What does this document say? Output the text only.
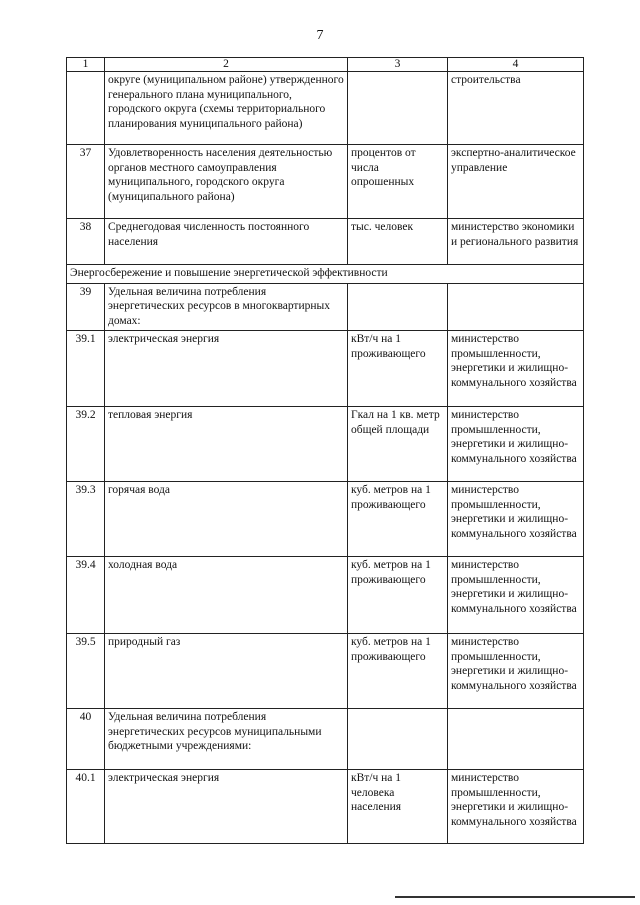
7
1	2	3	4
	округе (муниципальном районе) утвержденного генерального плана муниципального, городского округа (схемы территориального планирования муниципального района)		строительства
37	Удовлетворенность населения деятельностью органов местного самоуправления муниципального, городского округа (муниципального района)	процентов от числа опрошенных	экспертно-аналитическое управление
38	Среднегодовая численность постоянного населения	тыс. человек	министерство экономики и регионального развития
Энергосбережение и повышение энергетической эффективности			
39	Удельная величина потребления энергетических ресурсов в многоквартирных домах:		
39.1	электрическая энергия	кВт/ч на 1 проживающего	министерство промышленности, энергетики и жилищно-коммунального хозяйства
39.2	тепловая энергия	Гкал на 1 кв. метр общей площади	министерство промышленности, энергетики и жилищно-коммунального хозяйства
39.3	горячая вода	куб. метров на 1 проживающего	министерство промышленности, энергетики и жилищно-коммунального хозяйства
39.4	холодная вода	куб. метров на 1 проживающего	министерство промышленности, энергетики и жилищно-коммунального хозяйства
39.5	природный газ	куб. метров на 1 проживающего	министерство промышленности, энергетики и жилищно-коммунального хозяйства
40	Удельная величина потребления энергетических ресурсов муниципальными бюджетными учреждениями:		
40.1	электрическая энергия	кВт/ч на 1 человека населения	министерство промышленности, энергетики и жилищно-коммунального хозяйства
